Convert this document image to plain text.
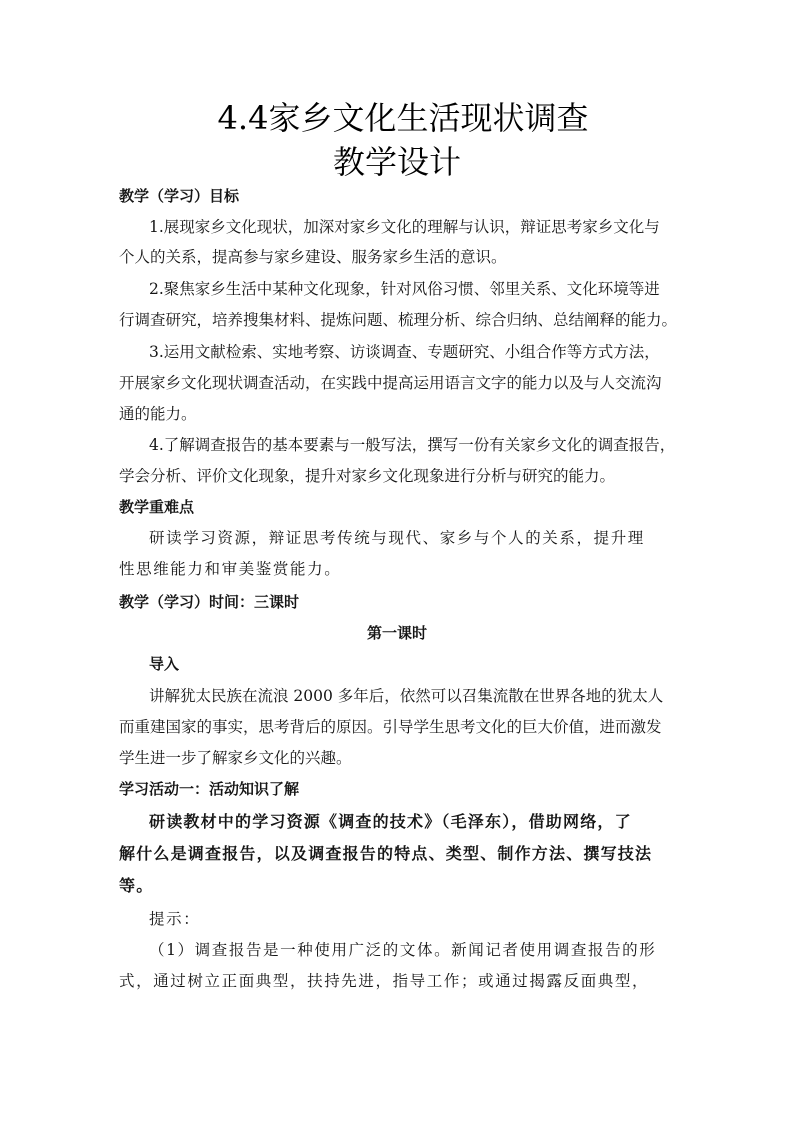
4.4家乡文化生活现状调查
教学设计
教学（学习）目标
1.展现家乡文化现状，加深对家乡文化的理解与认识，辩证思考家乡文化与
个人的关系，提高参与家乡建设、服务家乡生活的意识。
2.聚焦家乡生活中某种文化现象，针对风俗习惯、邻里关系、文化环境等进
行调查研究，培养搜集材料、提炼问题、梳理分析、综合归纳、总结阐释的能力。
3.运用文献检索、实地考察、访谈调查、专题研究、小组合作等方式方法，
开展家乡文化现状调查活动，在实践中提高运用语言文字的能力以及与人交流沟
通的能力。
4.了解调查报告的基本要素与一般写法，撰写一份有关家乡文化的调查报告，
学会分析、评价文化现象，提升对家乡文化现象进行分析与研究的能力。
教学重难点
研读学习资源，辩证思考传统与现代、家乡与个人的关系，提升理
性思维能力和审美鉴赏能力。
教学（学习）时间：三课时
第一课时
导入
讲解犹太民族在流浪 2000 多年后，依然可以召集流散在世界各地的犹太人
而重建国家的事实，思考背后的原因。引导学生思考文化的巨大价值，进而激发
学生进一步了解家乡文化的兴趣。
学习活动一：活动知识了解
研读教材中的学习资源《调查的技术》（毛泽东），借助网络，了
解什么是调查报告，以及调查报告的特点、类型、制作方法、撰写技法
等。
提示：
（1）调查报告是一种使用广泛的文体。新闻记者使用调查报告的形
式，通过树立正面典型，扶持先进，指导工作；或通过揭露反面典型，
